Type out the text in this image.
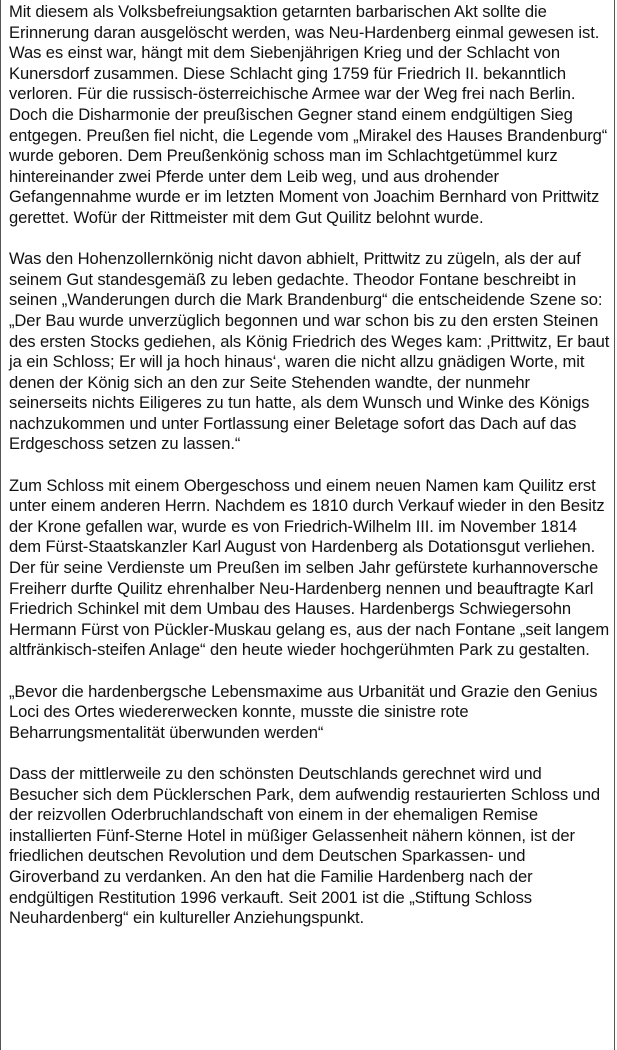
Mit diesem als Volksbefreiungsaktion getarnten barbarischen Akt sollte die Erinnerung daran ausgelöscht werden, was Neu-Hardenberg einmal gewesen ist. Was es einst war, hängt mit dem Siebenjährigen Krieg und der Schlacht von Kunersdorf zusammen. Diese Schlacht ging 1759 für Friedrich II. bekanntlich verloren. Für die russisch-österreichische Armee war der Weg frei nach Berlin. Doch die Disharmonie der preußischen Gegner stand einem endgültigen Sieg entgegen. Preußen fiel nicht, die Legende vom „Mirakel des Hauses Brandenburg“ wurde geboren. Dem Preußenkönig schoss man im Schlachtgetümmel kurz hintereinander zwei Pferde unter dem Leib weg, und aus drohender Gefangennahme wurde er im letzten Moment von Joachim Bernhard von Prittwitz gerettet. Wofür der Rittmeister mit dem Gut Quilitz belohnt wurde.

Was den Hohenzollernkönig nicht davon abhielt, Prittwitz zu zügeln, als der auf seinem Gut standesgemäß zu leben gedachte. Theodor Fontane beschreibt in seinen „Wanderungen durch die Mark Brandenburg“ die entscheidende Szene so: „Der Bau wurde unverzüglich begonnen und war schon bis zu den ersten Steinen des ersten Stocks gediehen, als König Friedrich des Weges kam: ‚Prittwitz, Er baut ja ein Schloss; Er will ja hoch hinaus‘, waren die nicht allzu gnädigen Worte, mit denen der König sich an den zur Seite Stehenden wandte, der nunmehr seinerseits nichts Eiligeres zu tun hatte, als dem Wunsch und Winke des Königs nachzukommen und unter Fortlassung einer Beletage sofort das Dach auf das Erdgeschoss setzen zu lassen.“

Zum Schloss mit einem Obergeschoss und einem neuen Namen kam Quilitz erst unter einem anderen Herrn. Nachdem es 1810 durch Verkauf wieder in den Besitz der Krone gefallen war, wurde es von Friedrich-Wilhelm III. im November 1814 dem Fürst-Staatskanzler Karl August von Hardenberg als Dotationsgut verliehen. Der für seine Verdienste um Preußen im selben Jahr gefürstete kurhannoversche Freiherr durfte Quilitz ehrenhalber Neu-Hardenberg nennen und beauftragte Karl Friedrich Schinkel mit dem Umbau des Hauses. Hardenbergs Schwiegersohn Hermann Fürst von Pückler-Muskau gelang es, aus der nach Fontane „seit langem altfränkisch-steifen Anlage“ den heute wieder hochgerühmten Park zu gestalten.

„Bevor die hardenbergsche Lebensmaxime aus Urbanität und Grazie den Genius Loci des Ortes wiedererwecken konnte, musste die sinistre rote Beharrungsmentalität überwunden werden“

Dass der mittlerweile zu den schönsten Deutschlands gerechnet wird und Besucher sich dem Pücklerschen Park, dem aufwendig restaurierten Schloss und der reizvollen Oderbruchlandschaft von einem in der ehemaligen Remise installierten Fünf-Sterne Hotel in müßiger Gelassenheit nähern können, ist der friedlichen deutschen Revolution und dem Deutschen Sparkassen- und Giroverband zu verdanken. An den hat die Familie Hardenberg nach der endgültigen Restitution 1996 verkauft. Seit 2001 ist die „Stiftung Schloss Neuhardenberg“ ein kultureller Anziehungspunkt.
